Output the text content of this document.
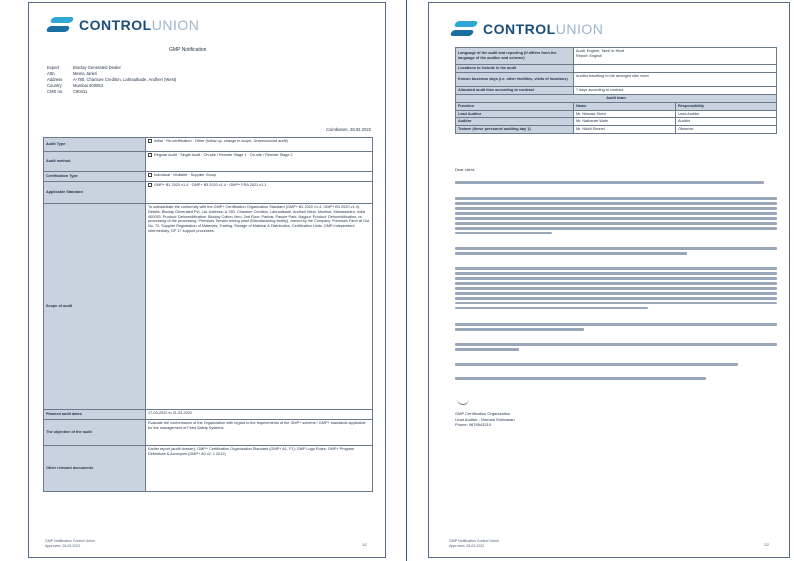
CONTROLUNION
GMP Notification
Expert	Bioclay Generated Dealer
Attn.	Mema Jankri
Address	A-780, Chanture Crediton, Lahrautkade, Andheri (West)
Country	Mumbai 400053
CMS no.	C80411
Coimbatore, 28.02.2022
Audit Type	Initial · Re-certification · Other (follow up, change in scope, Unannounced audit)
Audit method	Regular Audit · Single Audit · On-site / Remote Stage 1 · On-site / Remote Stage 2
Certification Type	Individual · Multisite · Supplier Group
Applicable Standard	GMP+ B1 2020 v1.4 · GMP+ B3 2020 v1.4 · GMP+ FRA 2021 v1.1
Scope of audit	To substantiate the conformity with the GMP+ Certification Organization Standard (GMP+ B1 2020 v1.4, GMP+ B3 2020 v1.4). Details: Bioclay Generated Pvt. Ltd. Address: A-780, Chanture Crediton, Lahrautkade, Andheri West, Mumbai, Maharashtra, India 400053. Product: Dehumidification. Bioclay Cotton Vero, 2nd Floor, Parivar, Pasure Park, Nagpur. Product: Dehumidification, re-processing of the processing. Premises Tomato mixing plant (Manufacturing facility), owned by the Company. Premises Farm at Gut No. 72. Supplier Registration of Materials, Trading, Storage of Material & Distribution. Certification Units: GMP Independent Intermediary, GP 17 support processes.
Planned audit dates	17-03-2022 to 21-03-2022
The objective of the audit	Evaluate the conformance of the Organization with regard to the requirements of the GMP+ scheme / GMP+ standards applicable for the management of Feed Safety Systems.
Other relevant documents	Earlier report (audit dossier); GMP+ Certification Organization Standard (GMP+ A1, F1); GMP Logo Rules; GMP+ Program Definitions & Acronyms (GMP+ A2 v2, 1 2012)
GMP Notification Control Union
Approved: 28.02.2022	1/2
CONTROLUNION
Language of the audit and reporting (if differs from the language of the auditee and scheme)	Audit: English, Tamil or Hindi
Report: English	
Locations to include in the audit		
Known business days (i.e. other facilities, visits of locations)	Auditor travelling to the arranged site/ room	
Allocated audit time according to contract	7 days according to contract	
Audit team		
Function	Name	Responsibility
Lead Auditor	Mr. Nirmala Shrini	Lead Auditor
Auditor	Mr. Nathaniel Wale	Auditor
Trainee (these personnel auditing day 1)	Mr. Nikhil Shrinet	Observer
Dear client,
GMP Certification Organization
Lead Auditor - Nirmala Srinivasan
Phone: 9876543210
GMP Notification Control Union
Approved: 28.02.2022	2/2
